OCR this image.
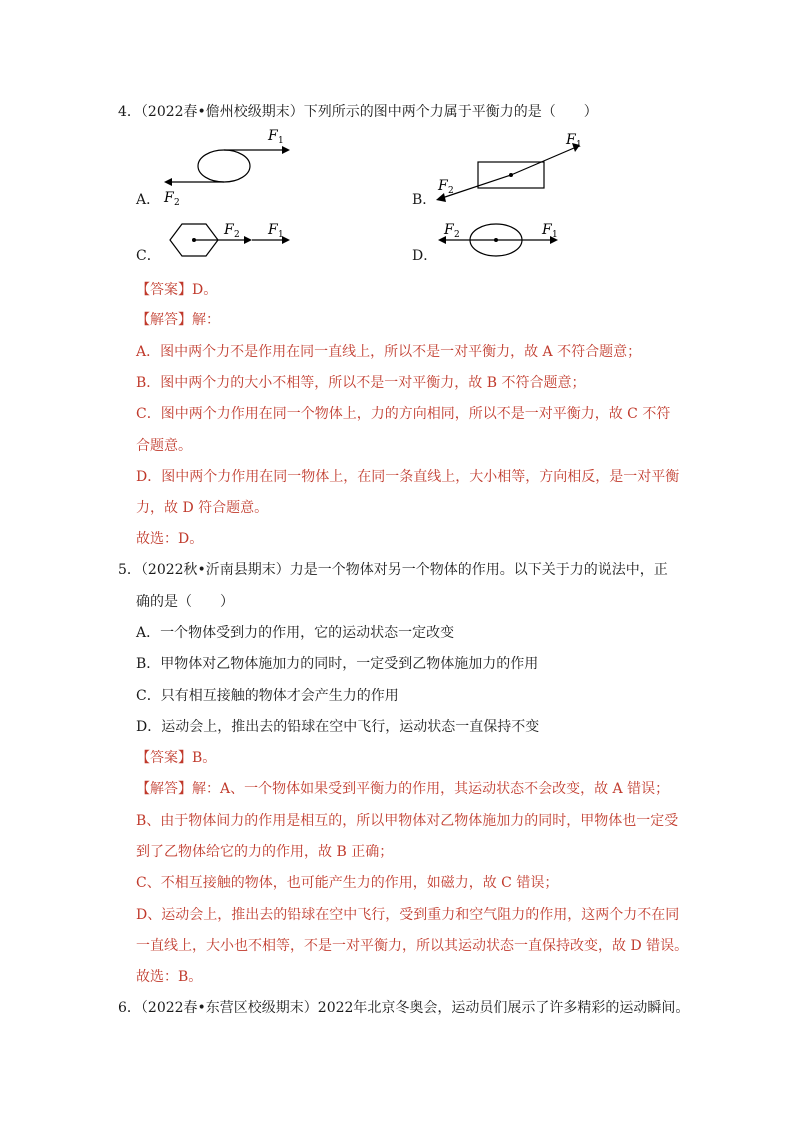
4．（2022春•儋州校级期末）下列所示的图中两个力属于平衡力的是（　　）
A．
F 1
F 2	B．
F 1
F 2
C．
F 2 F 1
D．
F 2	F 1
【答案】D。
【解答】解：
A．图中两个力不是作用在同一直线上，所以不是一对平衡力，故 A 不符合题意；
B．图中两个力的大小不相等，所以不是一对平衡力，故 B 不符合题意；
C．图中两个力作用在同一个物体上，力的方向相同，所以不是一对平衡力，故 C 不符
合题意。
D．图中两个力作用在同一物体上，在同一条直线上，大小相等，方向相反，是一对平衡
力，故 D 符合题意。
故选：D。
5．（2022秋•沂南县期末）力是一个物体对另一个物体的作用。以下关于力的说法中，正
确的是（　　）
A．一个物体受到力的作用，它的运动状态一定改变
B．甲物体对乙物体施加力的同时，一定受到乙物体施加力的作用
C．只有相互接触的物体才会产生力的作用
D．运动会上，推出去的铅球在空中飞行，运动状态一直保持不变
【答案】B。
【解答】解：A、一个物体如果受到平衡力的作用，其运动状态不会改变，故 A 错误；
B、由于物体间力的作用是相互的，所以甲物体对乙物体施加力的同时，甲物体也一定受
到了乙物体给它的力的作用，故 B 正确；
C、不相互接触的物体，也可能产生力的作用，如磁力，故 C 错误；
D、运动会上，推出去的铅球在空中飞行，受到重力和空气阻力的作用，这两个力不在同
一直线上，大小也不相等，不是一对平衡力，所以其运动状态一直保持改变，故 D 错误。
故选：B。
6．（2022春•东营区校级期末）2022年北京冬奥会，运动员们展示了许多精彩的运动瞬间。
